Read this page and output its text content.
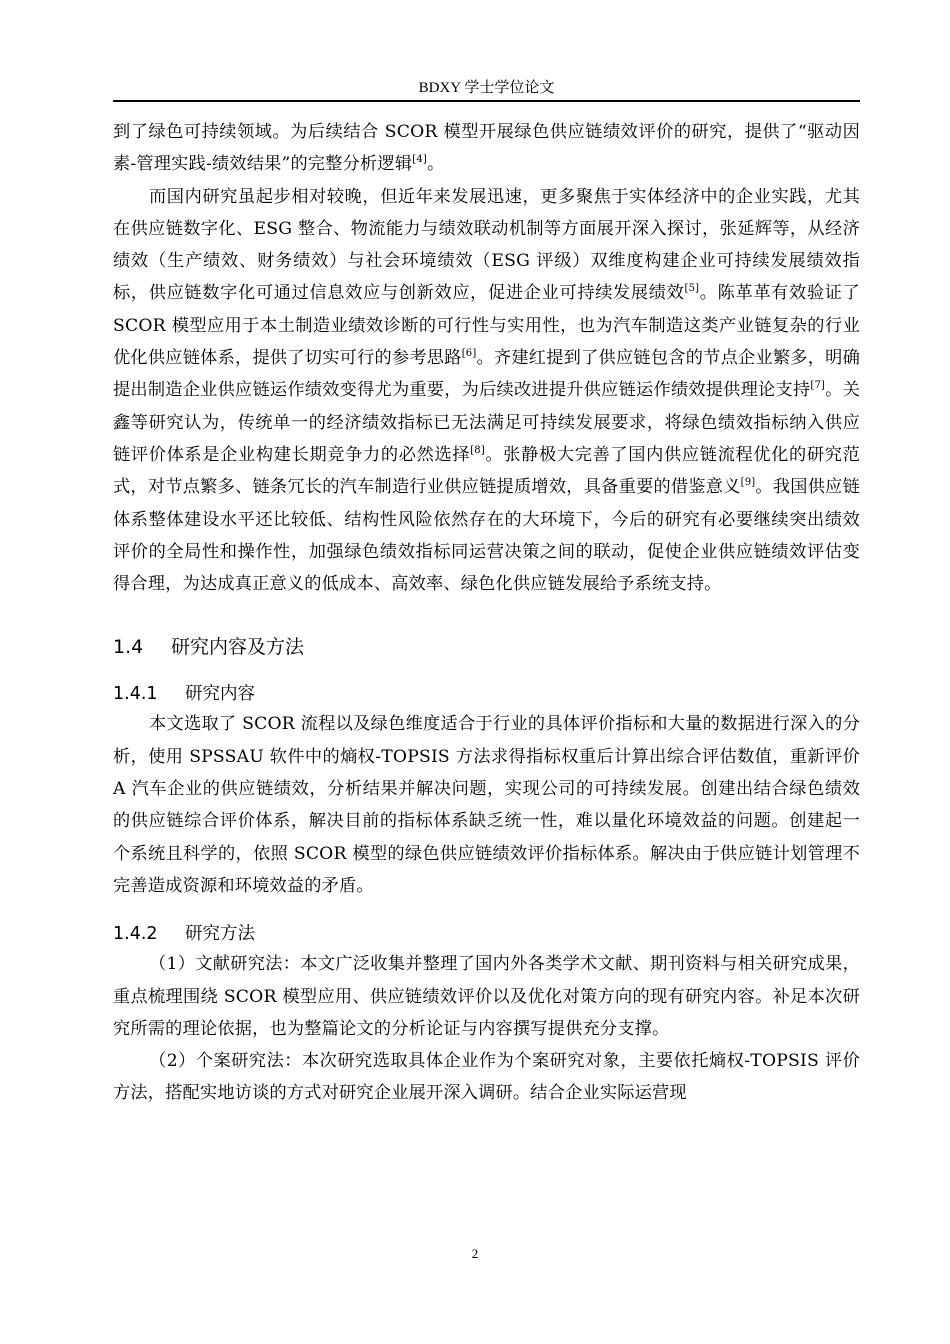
BDXY 学士学位论文

到了绿色可持续领域。为后续结合 SCOR 模型开展绿色供应链绩效评价的研究，提供了“驱动因素-管理实践-绩效结果”的完整分析逻辑[4]。

而国内研究虽起步相对较晚，但近年来发展迅速，更多聚焦于实体经济中的企业实践，尤其在供应链数字化、ESG 整合、物流能力与绩效联动机制等方面展开深入探讨，张延辉等，从经济绩效（生产绩效、财务绩效）与社会环境绩效（ESG 评级）双维度构建企业可持续发展绩效指标，供应链数字化可通过信息效应与创新效应，促进企业可持续发展绩效[5]。陈革革有效验证了 SCOR 模型应用于本土制造业绩效诊断的可行性与实用性，也为汽车制造这类产业链复杂的行业优化供应链体系，提供了切实可行的参考思路[6]。齐建红提到了供应链包含的节点企业繁多，明确提出制造企业供应链运作绩效变得尤为重要，为后续改进提升供应链运作绩效提供理论支持[7]。关鑫等研究认为，传统单一的经济绩效指标已无法满足可持续发展要求，将绿色绩效指标纳入供应链评价体系是企业构建长期竞争力的必然选择[8]。张静极大完善了国内供应链流程优化的研究范式，对节点繁多、链条冗长的汽车制造行业供应链提质增效，具备重要的借鉴意义[9]。我国供应链体系整体建设水平还比较低、结构性风险依然存在的大环境下，今后的研究有必要继续突出绩效评价的全局性和操作性，加强绿色绩效指标同运营决策之间的联动，促使企业供应链绩效评估变得合理，为达成真正意义的低成本、高效率、绿色化供应链发展给予系统支持。

1.4 研究内容及方法
1.4.1 研究内容

本文选取了 SCOR 流程以及绿色维度适合于行业的具体评价指标和大量的数据进行深入的分析，使用 SPSSAU 软件中的熵权-TOPSIS 方法求得指标权重后计算出综合评估数值，重新评价 A 汽车企业的供应链绩效，分析结果并解决问题，实现公司的可持续发展。创建出结合绿色绩效的供应链综合评价体系，解决目前的指标体系缺乏统一性，难以量化环境效益的问题。创建起一个系统且科学的，依照 SCOR 模型的绿色供应链绩效评价指标体系。解决由于供应链计划管理不完善造成资源和环境效益的矛盾。

1.4.2 研究方法

（1）文献研究法：本文广泛收集并整理了国内外各类学术文献、期刊资料与相关研究成果，重点梳理围绕 SCOR 模型应用、供应链绩效评价以及优化对策方向的现有研究内容。补足本次研究所需的理论依据，也为整篇论文的分析论证与内容撰写提供充分支撑。

（2）个案研究法：本次研究选取具体企业作为个案研究对象，主要依托熵权-TOPSIS 评价方法，搭配实地访谈的方式对研究企业展开深入调研。结合企业实际运营现

2
